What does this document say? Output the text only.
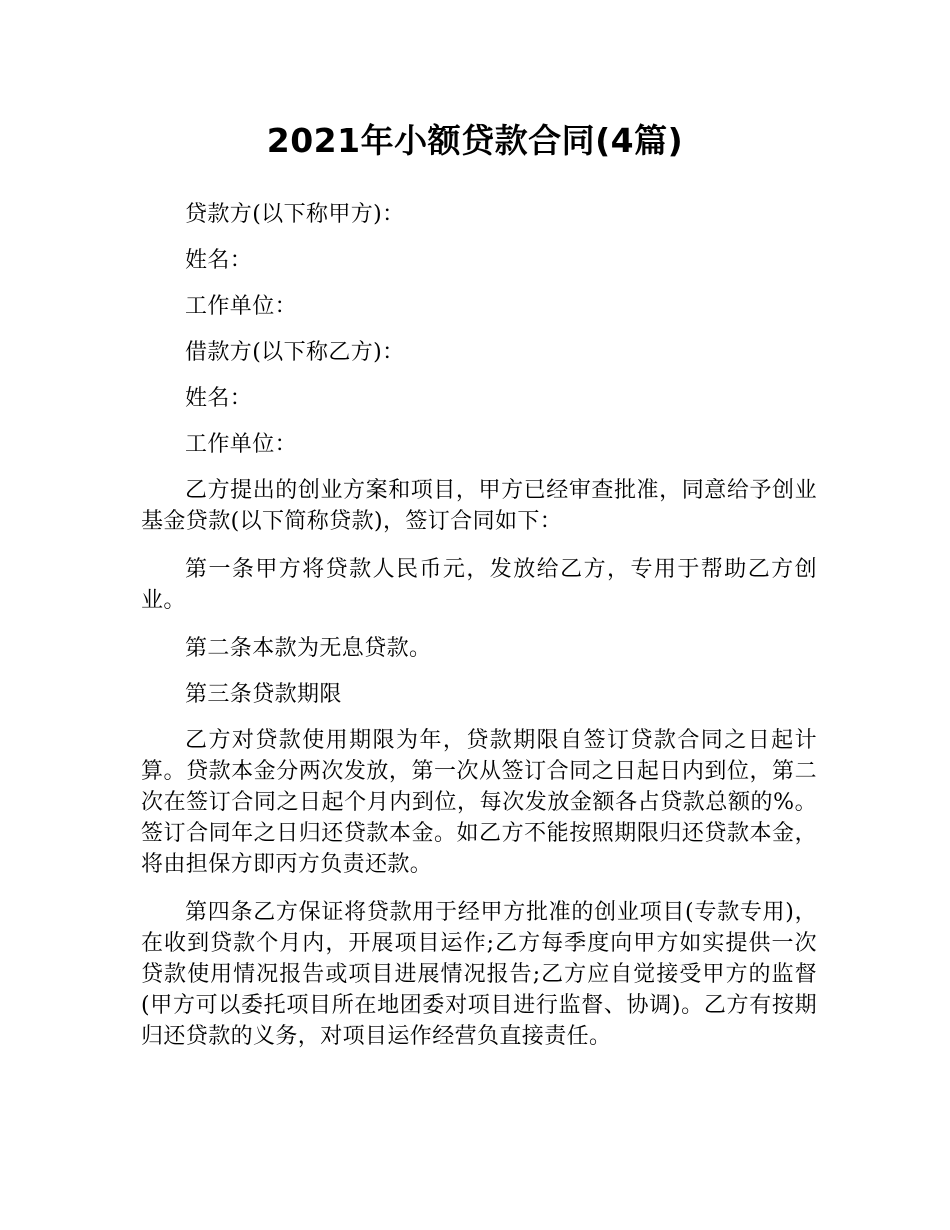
2021年小额贷款合同(4篇)

贷款方(以下称甲方)：

姓名：

工作单位：

借款方(以下称乙方)：

姓名：

工作单位：

乙方提出的创业方案和项目，甲方已经审查批准，同意给予创业基金贷款(以下简称贷款)，签订合同如下：

第一条甲方将贷款人民币元，发放给乙方，专用于帮助乙方创业。

第二条本款为无息贷款。

第三条贷款期限

乙方对贷款使用期限为年，贷款期限自签订贷款合同之日起计算。贷款本金分两次发放，第一次从签订合同之日起日内到位，第二次在签订合同之日起个月内到位，每次发放金额各占贷款总额的%。签订合同年之日归还贷款本金。如乙方不能按照期限归还贷款本金，将由担保方即丙方负责还款。

第四条乙方保证将贷款用于经甲方批准的创业项目(专款专用)，在收到贷款个月内，开展项目运作;乙方每季度向甲方如实提供一次贷款使用情况报告或项目进展情况报告;乙方应自觉接受甲方的监督(甲方可以委托项目所在地团委对项目进行监督、协调)。乙方有按期归还贷款的义务，对项目运作经营负直接责任。
